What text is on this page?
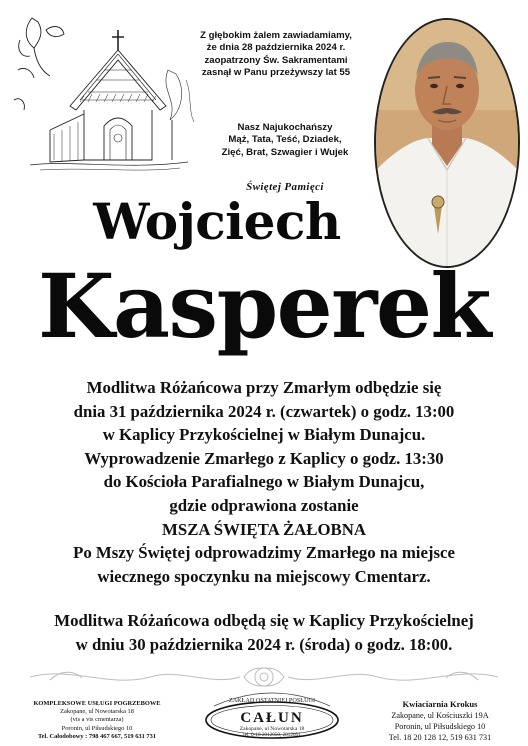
Z głębokim żalem zawiadamiamy,
że dnia 28 października 2024 r.
zaopatrzony Św. Sakramentami
zasnął w Panu przeżywszy lat 55
Nasz Najukochańszy
Mąż, Tata, Teść, Dziadek,
Zięć, Brat, Szwagier i Wujek
Świętej Pamięci
Wojciech
Kasperek
Modlitwa Różańcowa przy Zmarłym odbędzie się
dnia 31 października 2024 r. (czwartek) o godz. 13:00
w Kaplicy Przykościelnej w Białym Dunajcu.
Wyprowadzenie Zmarłego z Kaplicy o godz. 13:30
do Kościoła Parafialnego w Białym Dunajcu,
gdzie odprawiona zostanie
MSZA ŚWIĘTA ŻAŁOBNA
Po Mszy Świętej odprowadzimy Zmarłego na miejsce
wiecznego spoczynku na miejscowy Cmentarz.
Modlitwa Różańcowa odbędą się w Kaplicy Przykościelnej
w dniu 30 października 2024 r. (środa) o godz. 18:00.
KOMPLEKSOWE USŁUGI POGRZEBOWE
Zakopane, ul Nowotarska 18
(vis a vis cmentarza)
Poronin, ul Piłsudskiego 10
Tel. Całodobowy : 798 467 667, 519 631 731
ZAKŁAD OSTATNIEJ POSŁUGI
CAŁUN
Zakopane, ul Nowotarska 18
tel. 0-18 2012050, 2012051
Kwiaciarnia Krokus
Zakopane, ul Kościuszki 19A
Poronin, ul Piłsudskiego 10
Tel. 18 20 128 12, 519 631 731
